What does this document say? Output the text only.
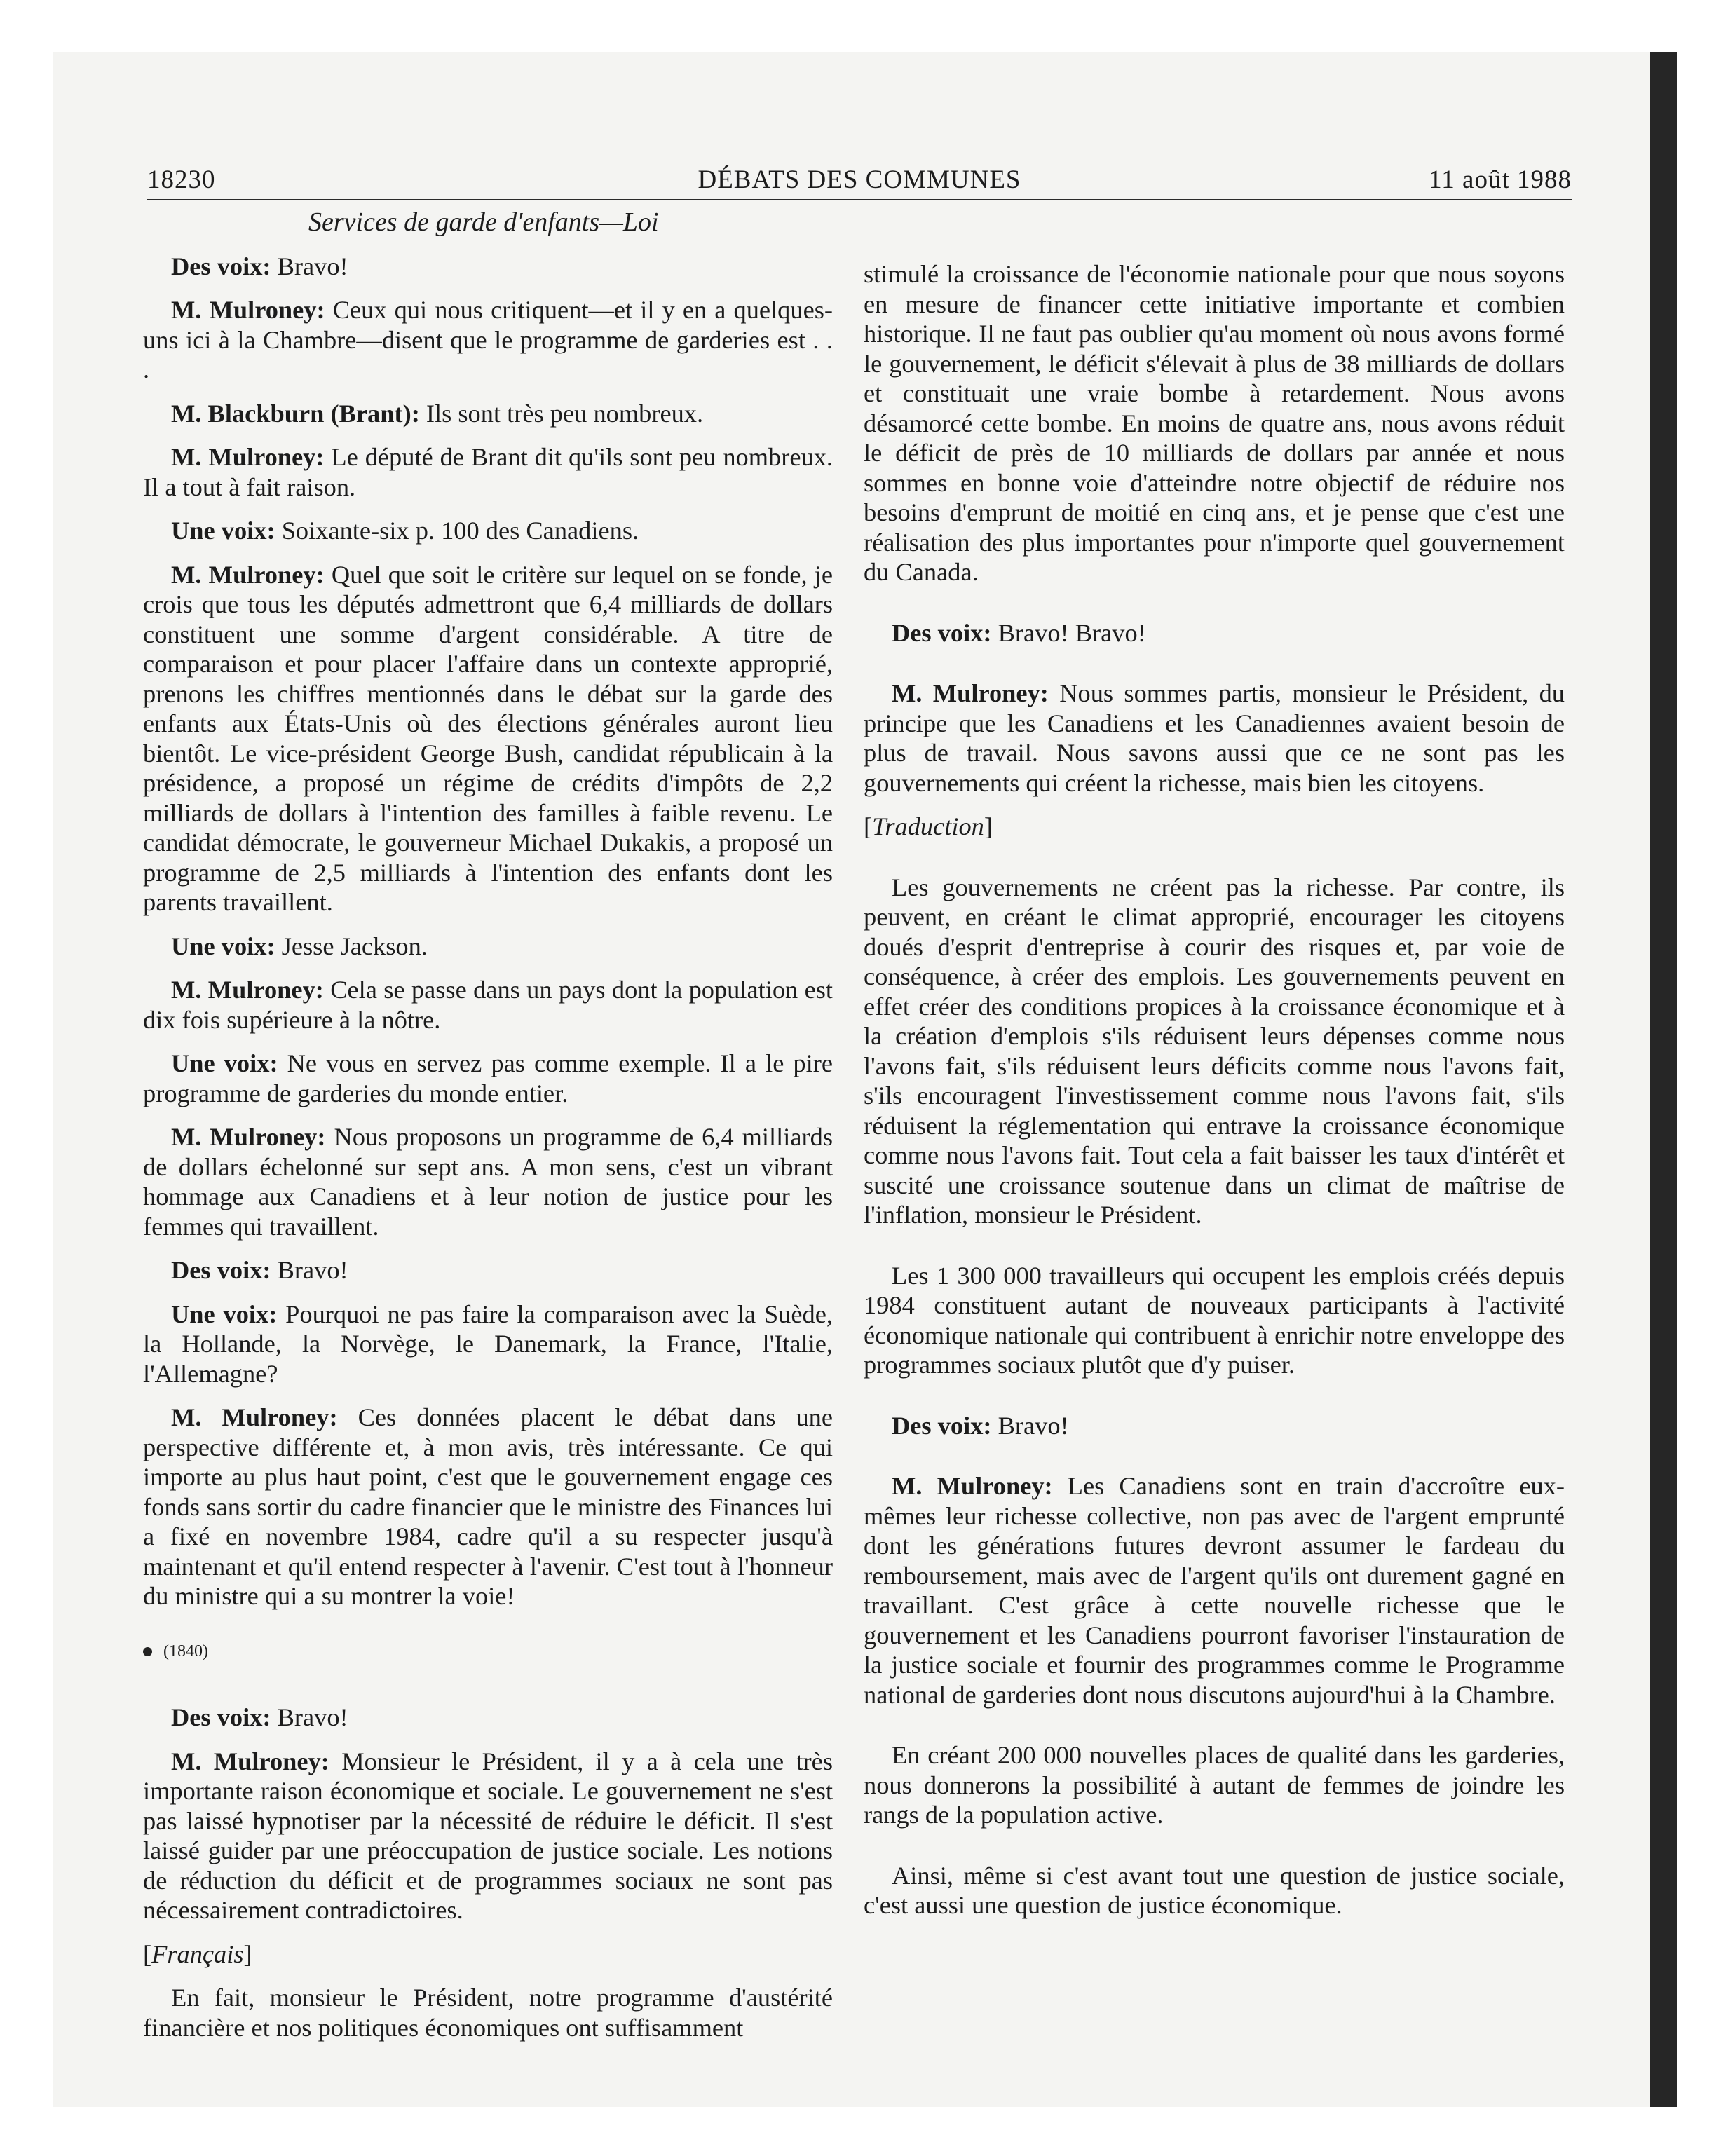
18230	DÉBATS DES COMMUNES	11 août 1988
Services de garde d'enfants—Loi

Des voix: Bravo!

M. Mulroney: Ceux qui nous critiquent—et il y en a quelques-uns ici à la Chambre—disent que le programme de garderies est . . .

M. Blackburn (Brant): Ils sont très peu nombreux.

M. Mulroney: Le député de Brant dit qu'ils sont peu nombreux. Il a tout à fait raison.

Une voix: Soixante-six p. 100 des Canadiens.

M. Mulroney: Quel que soit le critère sur lequel on se fonde, je crois que tous les députés admettront que 6,4 milliards de dollars constituent une somme d'argent considérable. A titre de comparaison et pour placer l'affaire dans un contexte approprié, prenons les chiffres mentionnés dans le débat sur la garde des enfants aux États-Unis où des élections générales auront lieu bientôt. Le vice-président George Bush, candidat républicain à la présidence, a proposé un régime de crédits d'impôts de 2,2 milliards de dollars à l'intention des familles à faible revenu. Le candidat démocrate, le gouverneur Michael Dukakis, a proposé un programme de 2,5 milliards à l'intention des enfants dont les parents travaillent.

Une voix: Jesse Jackson.

M. Mulroney: Cela se passe dans un pays dont la population est dix fois supérieure à la nôtre.

Une voix: Ne vous en servez pas comme exemple. Il a le pire programme de garderies du monde entier.

M. Mulroney: Nous proposons un programme de 6,4 milliards de dollars échelonné sur sept ans. A mon sens, c'est un vibrant hommage aux Canadiens et à leur notion de justice pour les femmes qui travaillent.

Des voix: Bravo!

Une voix: Pourquoi ne pas faire la comparaison avec la Suède, la Hollande, la Norvège, le Danemark, la France, l'Italie, l'Allemagne?

M. Mulroney: Ces données placent le débat dans une perspective différente et, à mon avis, très intéressante. Ce qui importe au plus haut point, c'est que le gouvernement engage ces fonds sans sortir du cadre financier que le ministre des Finances lui a fixé en novembre 1984, cadre qu'il a su respecter jusqu'à maintenant et qu'il entend respecter à l'avenir. C'est tout à l'honneur du ministre qui a su montrer la voie!

(1840)

Des voix: Bravo!

M. Mulroney: Monsieur le Président, il y a à cela une très importante raison économique et sociale. Le gouvernement ne s'est pas laissé hypnotiser par la nécessité de réduire le déficit. Il s'est laissé guider par une préoccupation de justice sociale. Les notions de réduction du déficit et de programmes sociaux ne sont pas nécessairement contradictoires.

[Français]

En fait, monsieur le Président, notre programme d'austérité financière et nos politiques économiques ont suffisamment

stimulé la croissance de l'économie nationale pour que nous soyons en mesure de financer cette initiative importante et combien historique. Il ne faut pas oublier qu'au moment où nous avons formé le gouvernement, le déficit s'élevait à plus de 38 milliards de dollars et constituait une vraie bombe à retardement. Nous avons désamorcé cette bombe. En moins de quatre ans, nous avons réduit le déficit de près de 10 milliards de dollars par année et nous sommes en bonne voie d'atteindre notre objectif de réduire nos besoins d'emprunt de moitié en cinq ans, et je pense que c'est une réalisation des plus importantes pour n'importe quel gouvernement du Canada.

Des voix: Bravo! Bravo!

M. Mulroney: Nous sommes partis, monsieur le Président, du principe que les Canadiens et les Canadiennes avaient besoin de plus de travail. Nous savons aussi que ce ne sont pas les gouvernements qui créent la richesse, mais bien les citoyens.

[Traduction]

Les gouvernements ne créent pas la richesse. Par contre, ils peuvent, en créant le climat approprié, encourager les citoyens doués d'esprit d'entreprise à courir des risques et, par voie de conséquence, à créer des emplois. Les gouvernements peuvent en effet créer des conditions propices à la croissance économique et à la création d'emplois s'ils réduisent leurs dépenses comme nous l'avons fait, s'ils réduisent leurs déficits comme nous l'avons fait, s'ils encouragent l'investissement comme nous l'avons fait, s'ils réduisent la réglementation qui entrave la croissance économique comme nous l'avons fait. Tout cela a fait baisser les taux d'intérêt et suscité une croissance soutenue dans un climat de maîtrise de l'inflation, monsieur le Président.

Les 1 300 000 travailleurs qui occupent les emplois créés depuis 1984 constituent autant de nouveaux participants à l'activité économique nationale qui contribuent à enrichir notre enveloppe des programmes sociaux plutôt que d'y puiser.

Des voix: Bravo!

M. Mulroney: Les Canadiens sont en train d'accroître eux-mêmes leur richesse collective, non pas avec de l'argent emprunté dont les générations futures devront assumer le fardeau du remboursement, mais avec de l'argent qu'ils ont durement gagné en travaillant. C'est grâce à cette nouvelle richesse que le gouvernement et les Canadiens pourront favoriser l'instauration de la justice sociale et fournir des programmes comme le Programme national de garderies dont nous discutons aujourd'hui à la Chambre.

En créant 200 000 nouvelles places de qualité dans les garderies, nous donnerons la possibilité à autant de femmes de joindre les rangs de la population active.

Ainsi, même si c'est avant tout une question de justice sociale, c'est aussi une question de justice économique.
